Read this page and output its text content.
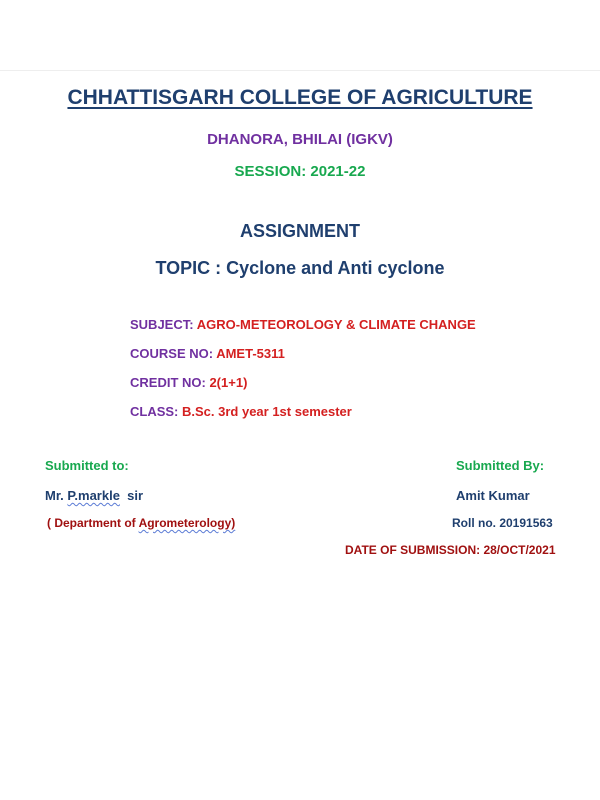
CHHATTISGARH COLLEGE OF AGRICULTURE
DHANORA, BHILAI (IGKV)
SESSION: 2021-22
ASSIGNMENT
TOPIC : Cyclone and Anti cyclone
SUBJECT: AGRO-METEOROLOGY & CLIMATE CHANGE
COURSE NO: AMET-5311
CREDIT NO: 2(1+1)
CLASS: B.Sc. 3rd year 1st semester
Submitted to:	Submitted By:
Mr. P.markle  sir	Amit Kumar
( Department of Agrometerology)	Roll no. 20191563
DATE OF SUBMISSION: 28/OCT/2021
